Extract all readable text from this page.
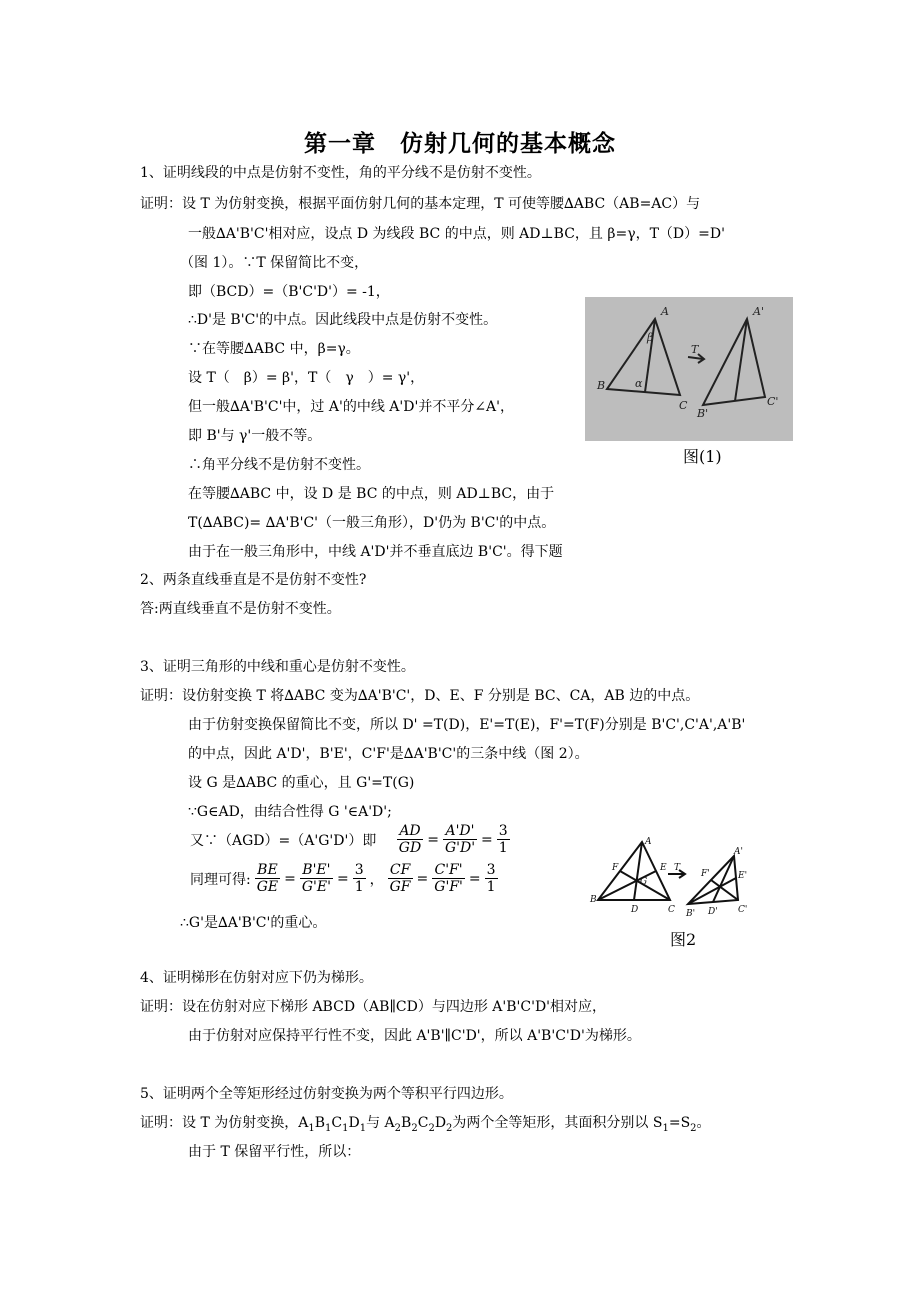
第一章　仿射几何的基本概念
1、证明线段的中点是仿射不变性，角的平分线不是仿射不变性。
证明：设 T 为仿射变换，根据平面仿射几何的基本定理，T 可使等腰∆ABC（AB=AC）与
一般∆A'B'C'相对应，设点 D 为线段 BC 的中点，则 AD⊥BC，且 β=γ，T（D）=D'
（图 1）。∵T 保留简比不变，
即（BCD）=（B'C'D'）= -1，
∴D'是 B'C'的中点。因此线段中点是仿射不变性。
∵在等腰∆ABC 中，β=γ。
设 T（　β）= β'，T（　γ　）= γ'，
但一般∆A'B'C'中，过 A'的中线 A'D'并不平分∠A'，
即 B'与 γ'一般不等。
∴角平分线不是仿射不变性。
在等腰∆ABC 中，设 D 是 BC 的中点，则 AD⊥BC，由于
T(∆ABC)= ∆A'B'C'（一般三角形），D'仍为 B'C'的中点。
由于在一般三角形中，中线 A'D'并不垂直底边 B'C'。得下题
A	A'
B
B'
C	C'
T
α
β
图(1)
2、两条直线垂直是不是仿射不变性?
答:两直线垂直不是仿射不变性。
3、证明三角形的中线和重心是仿射不变性。
证明：设仿射变换 T 将∆ABC 变为∆A'B'C'，D、E、F 分别是 BC、CA，AB 边的中点。
由于仿射变换保留简比不变，所以 D' =T(D)，E'=T(E)，F'=T(F)分别是 B'C',C'A',A'B'
的中点，因此 A'D'，B'E'，C'F'是∆A'B'C'的三条中线（图 2）。
设 G 是∆ABC 的重心，且 G'=T(G)
∵G∈AD，由结合性得 G '∈A'D';
又∵（AGD）=（A'G'D'）即 $\frac{AD}{GD} = \frac{A'D'}{G'D'} = \frac{3}{1}$
同理可得: $\frac{BE}{GE} = \frac{B'E'}{G'E'} = \frac{3}{1}$ ， $\frac{CF}{GF} = \frac{C'F'}{G'F'} = \frac{3}{1}$
∴G'是∆A'B'C'的重心。
A
A'
B
B'
C	C'
D	D'
E
E'
F
F'
G
T
图2
4、证明梯形在仿射对应下仍为梯形。
证明：设在仿射对应下梯形 ABCD（AB∥CD）与四边形 A'B'C'D'相对应，
由于仿射对应保持平行性不变，因此 A'B'∥C'D'，所以 A'B'C'D'为梯形。
5、证明两个全等矩形经过仿射变换为两个等积平行四边形。
证明：设 T 为仿射变换，$A_1B_1C_1D_1$与 $A_2B_2C_2D_2$为两个全等矩形，其面积分别以 $S_1=S_2$。
由于 T 保留平行性，所以：
